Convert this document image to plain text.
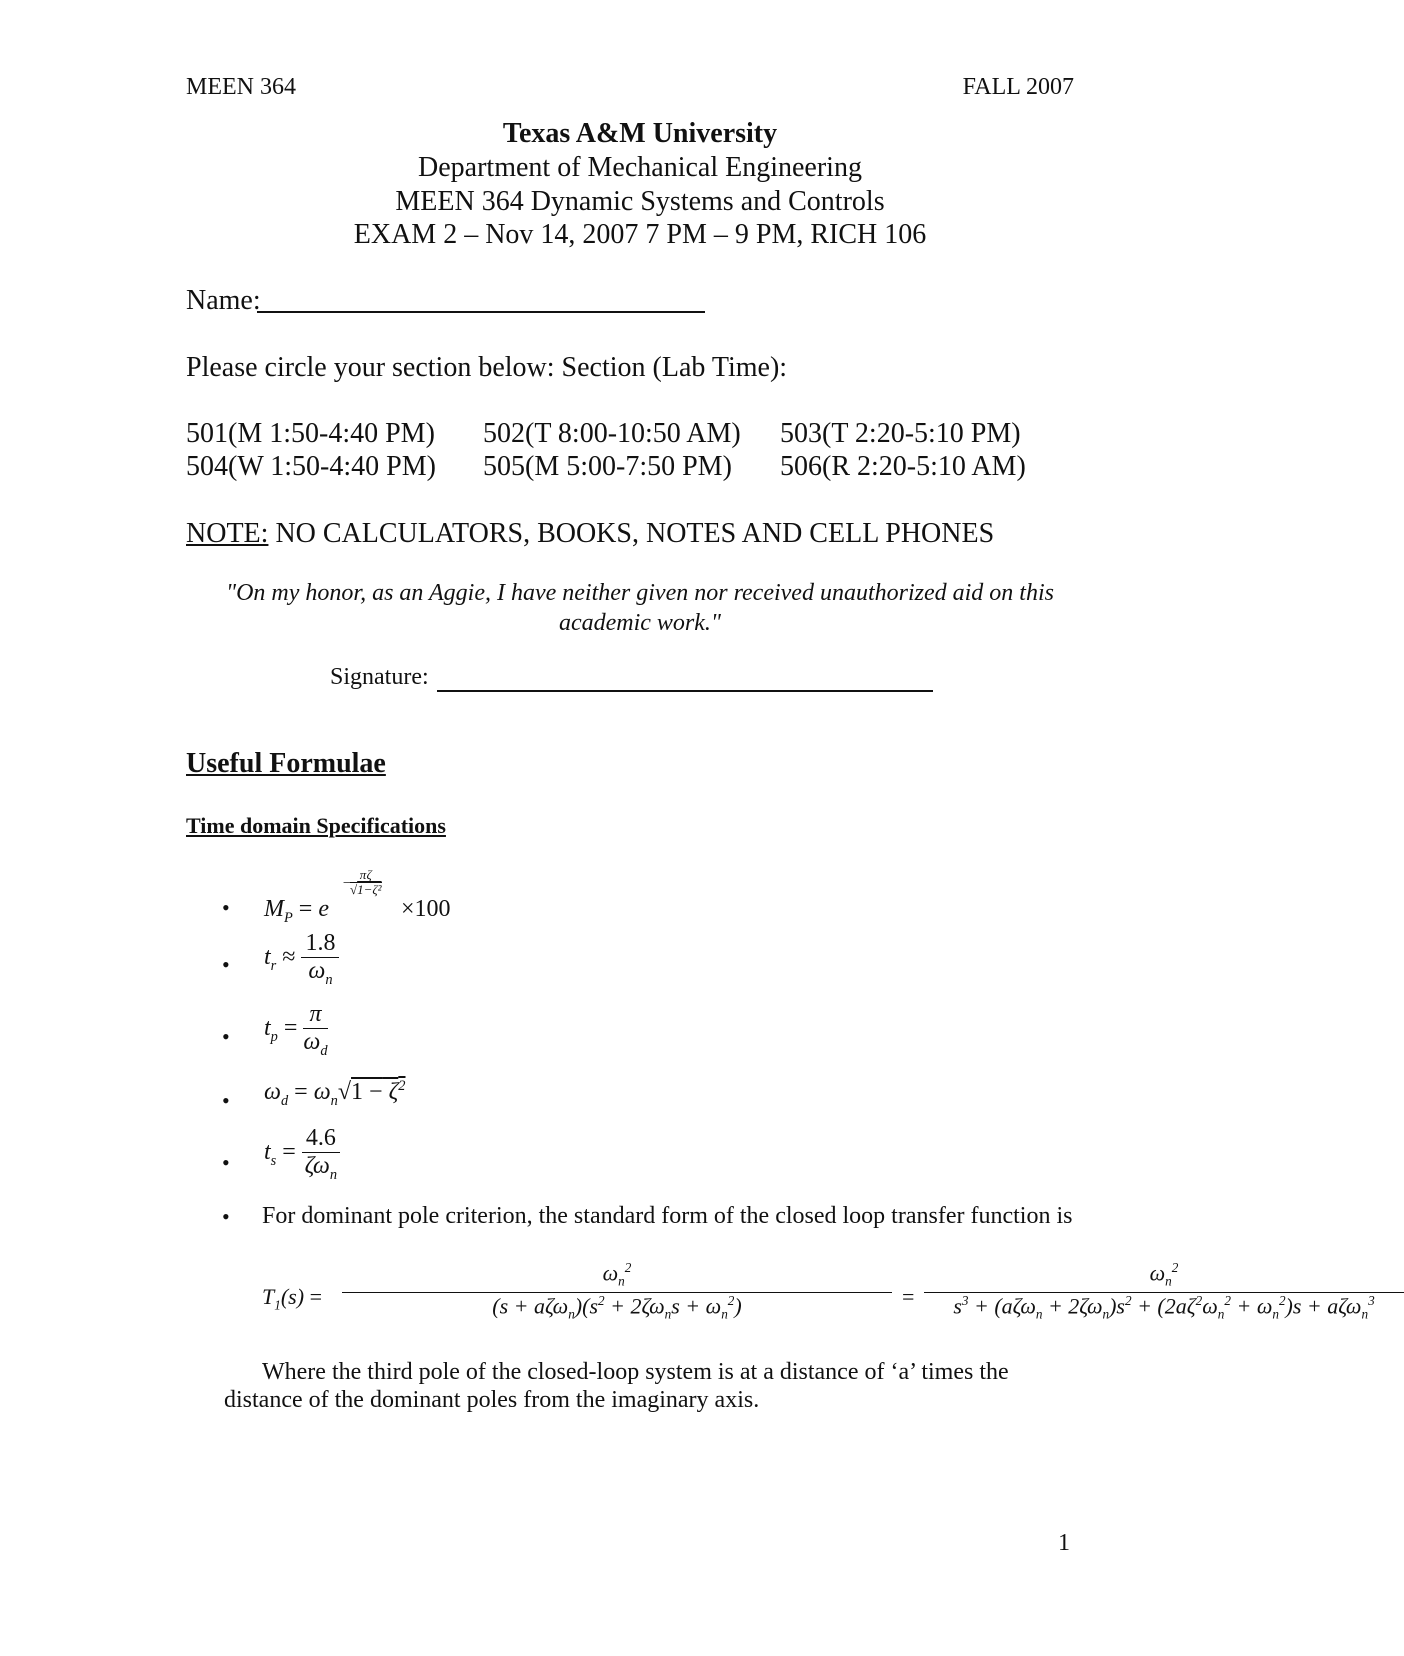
MEEN 364	FALL 2007
Texas A&M University
Department of Mechanical Engineering
MEEN 364 Dynamic Systems and Controls
EXAM 2 – Nov 14, 2007 7 PM – 9 PM, RICH 106
Name:
Please circle your section below: Section (Lab Time):
501(M 1:50-4:40 PM) 502(T 8:00-10:50 AM) 503(T 2:20-5:10 PM)
504(W 1:50-4:40 PM) 505(M 5:00-7:50 PM) 506(R 2:20-5:10 AM)
NOTE: NO CALCULATORS, BOOKS, NOTES AND CELL PHONES
"On my honor, as an Aggie, I have neither given nor received unauthorized aid on this academic work."
Signature:
Useful Formulae
Time domain Specifications
• $M_P = e$
πζ
√1−ζ²
−
×100
• $t_r \approx \frac{1.8}{\omega_n}$
• $t_p = \frac{\pi}{\omega_d}$
• $\omega_d = \omega_n√1 - \zeta^2$
• $t_s = \frac{4.6}{\zeta\omega_n}$
• For dominant pole criterion, the standard form of the closed loop transfer function is
$T_1(s)$ =
$\omega_n^2$
$(s + a\zeta\omega_n)(s^2 + 2\zeta\omega_ns + \omega_n^2)$	=
$\omega_n^2$
$s^3 + (a\zeta\omega_n + 2\zeta\omega_n)s^2 + (2a\zeta^2\omega_n^2 + \omega_n^2)s + a\zeta\omega_n^3$
Where the third pole of the closed-loop system is at a distance of ‘a’ times the distance of the dominant poles from the imaginary axis.
1
